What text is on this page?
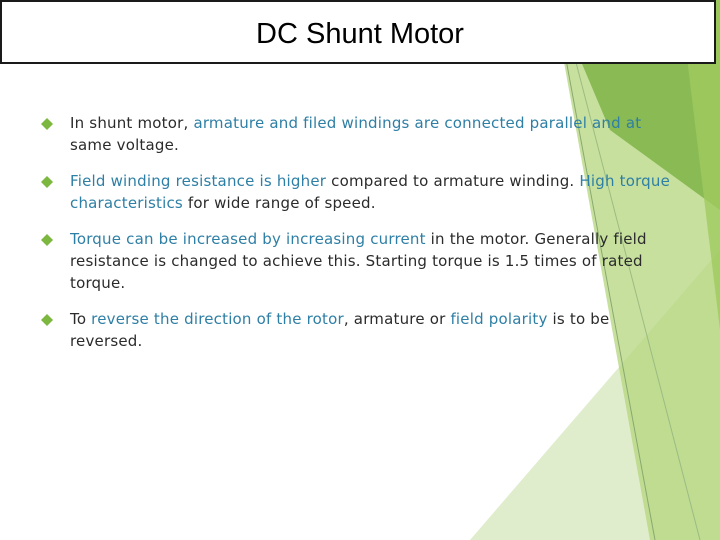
DC Shunt Motor
In shunt motor, armature and filed windings are connected parallel and at same voltage.
Field winding resistance is higher compared to armature winding. High torque characteristics for wide range of speed.
Torque can be increased by increasing current in the motor. Generally field resistance is changed to achieve this. Starting torque is 1.5 times of rated torque.
To reverse the direction of the rotor, armature or field polarity is to be reversed.
